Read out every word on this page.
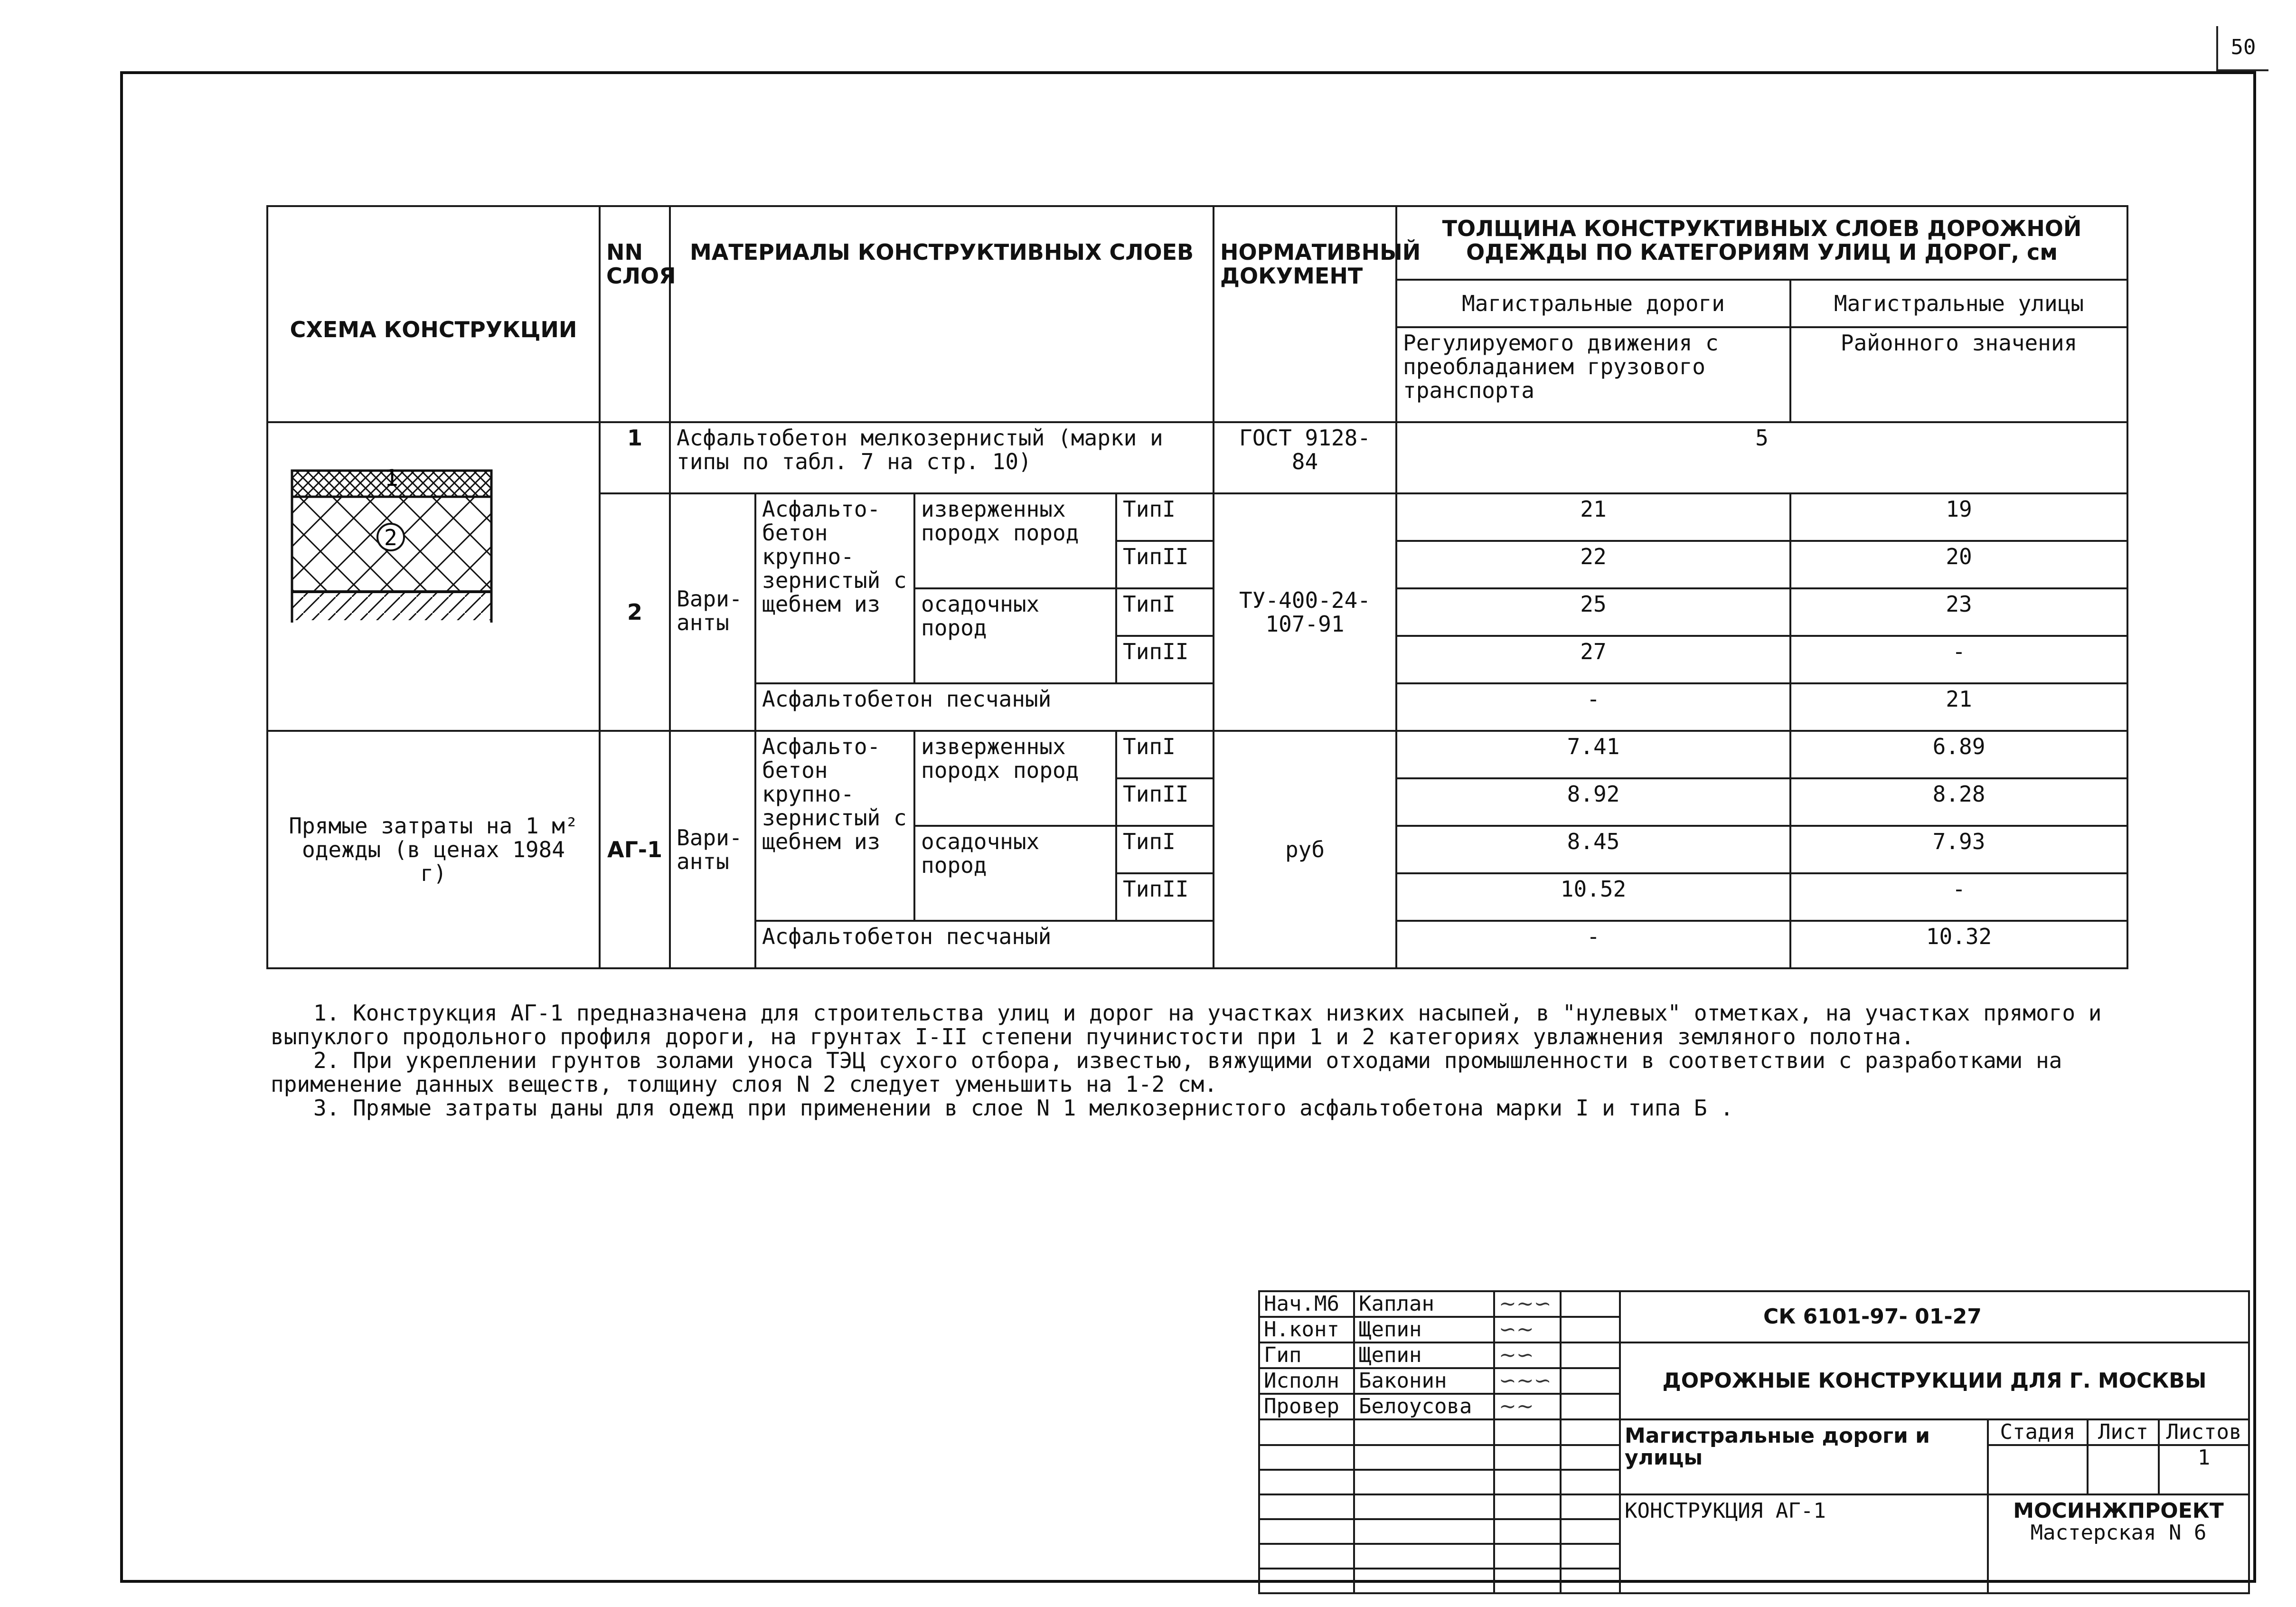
50
СХЕМА КОНСТРУКЦИИ	NN СЛОЯ	МАТЕРИАЛЫ КОНСТРУКТИВНЫХ СЛОЕВ				НОРМАТИВНЫЙ ДОКУМЕНТ	ТОЛЩИНА КОНСТРУКТИВНЫХ СЛОЕВ ДОРОЖНОЙ ОДЕЖДЫ ПО КАТЕГОРИЯМ УЛИЦ И ДОРОГ, см	
							Магистральные дороги	Магистральные улицы
							Регулируемого движения с преобладанием грузового транспорта	Районного значения

1
2	1	Асфальтобетон мелкозернистый (марки и типы по табл. 7 на стр. 10)				ГОСТ 9128- 84	5	
	2	Вари-анты	Асфальто-бетон крупно-зернистый с щебнем из	изверженных породх пород	ТипI	ТУ-400-24-107-91	21	19
					ТипII		22	20
				осадочных пород	ТипI		25	23
					ТипII		27	-
			Асфальтобетон песчаный				-	21
Прямые затраты на 1 м² одежды (в ценах 1984 г)	АГ-1	Вари-анты	Асфальто-бетон крупно-зернистый с щебнем из	изверженных породх пород	ТипI	руб	7.41	6.89
					ТипII		8.92	8.28
				осадочных пород	ТипI		8.45	7.93
					ТипII		10.52	-
			Асфальтобетон песчаный				-	10.32

1. Конструкция АГ-1 предназначена для строительства улиц и дорог на участках низких насыпей, в "нулевых" отметках, на участках прямого и выпуклого продольного профиля дороги, на грунтах I-II степени пучинистости при 1 и 2 категориях увлажнения земляного полотна.

2. При укреплении грунтов золами уноса ТЭЦ сухого отбора, известью, вяжущими отходами промышленности в соответствии с разработками на применение данных веществ, толщину слоя N 2 следует уменьшить на 1-2 см.

3. Прямые затраты даны для одежд при применении в слое N 1 мелкозернистого асфальтобетона марки I и типа Б .

Нач.М6	Каплан	∼∼∽		СК 6101-97- 01-27			
Н.конт	Щепин	∽∼					
Гип	Щепин	∼∽		ДОРОЖНЫЕ КОНСТРУКЦИИ ДЛЯ Г. МОСКВЫ			
Исполн	Баконин	∽∼∽					
Провер	Белоусова	∼∼					
				Магистральные дороги и улицы	Стадия	Лист	Листов
							1

				КОНСТРУКЦИЯ АГ-1	МОСИНЖПРОЕКТ
Мастерская N 6		
